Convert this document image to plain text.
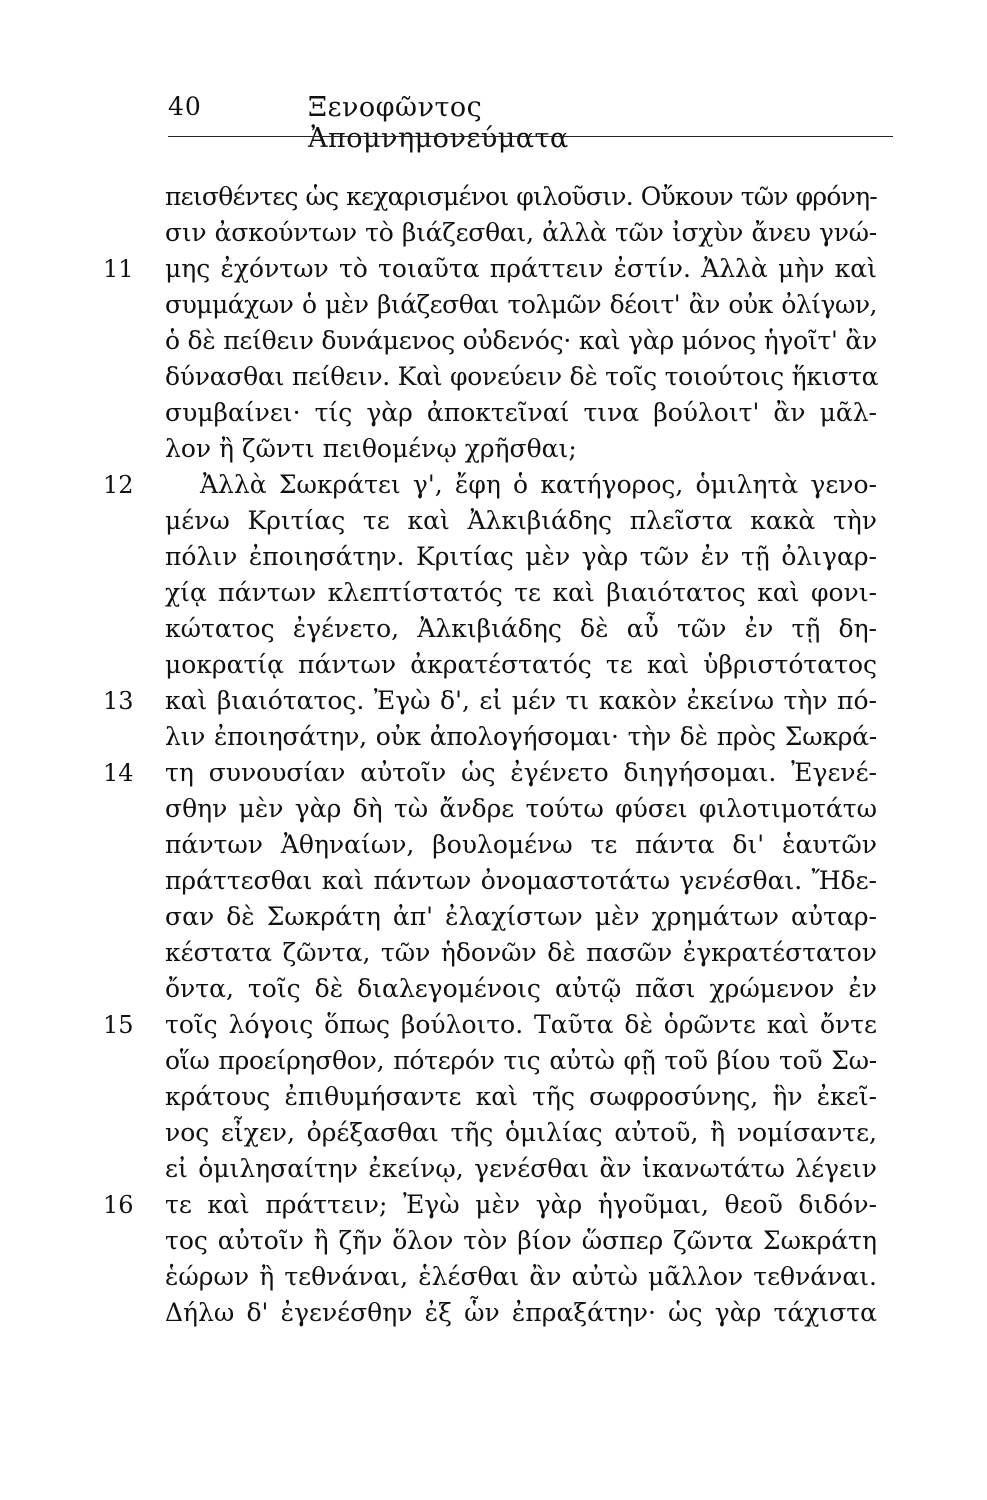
40	Ξενοφῶντος Ἀπομνημονεύματα
πεισθέντες ὡς κεχαρισμένοι φιλοῦσιν. Οὔκουν τῶν φρόνη-
σιν ἀσκούντων τὸ βιάζεσθαι, ἀλλὰ τῶν ἰσχὺν ἄνευ γνώ-
μης ἐχόντων τὸ τοιαῦτα πράττειν ἐστίν. Ἀλλὰ μὴν καὶ
συμμάχων ὁ μὲν βιάζεσθαι τολμῶν δέοιτ' ἂν οὐκ ὀλίγων,
ὁ δὲ πείθειν δυνάμενος οὐδενός· καὶ γὰρ μόνος ἡγοῖτ' ἂν
δύνασθαι πείθειν. Καὶ φονεύειν δὲ τοῖς τοιούτοις ἥκιστα
συμβαίνει· τίς γὰρ ἀποκτεῖναί τινα βούλοιτ' ἂν μᾶλ-
λον ἢ ζῶντι πειθομένῳ χρῆσθαι;
Ἀλλὰ Σωκράτει γ', ἔφη ὁ κατήγορος, ὁμιλητὰ γενο-
μένω Κριτίας τε καὶ Ἀλκιβιάδης πλεῖστα κακὰ τὴν
πόλιν ἐποιησάτην. Κριτίας μὲν γὰρ τῶν ἐν τῇ ὀλιγαρ-
χίᾳ πάντων κλεπτίστατός τε καὶ βιαιότατος καὶ φονι-
κώτατος ἐγένετο, Ἀλκιβιάδης δὲ αὖ τῶν ἐν τῇ δη-
μοκρατίᾳ πάντων ἀκρατέστατός τε καὶ ὑβριστότατος
καὶ βιαιότατος. Ἐγὼ δ', εἰ μέν τι κακὸν ἐκείνω τὴν πό-
λιν ἐποιησάτην, οὐκ ἀπολογήσομαι· τὴν δὲ πρὸς Σωκρά-
τη συνουσίαν αὐτοῖν ὡς ἐγένετο διηγήσομαι. Ἐγενέ-
σθην μὲν γὰρ δὴ τὼ ἄνδρε τούτω φύσει φιλοτιμοτάτω
πάντων Ἀθηναίων, βουλομένω τε πάντα δι' ἑαυτῶν
πράττεσθαι καὶ πάντων ὀνομαστοτάτω γενέσθαι. Ἤδε-
σαν δὲ Σωκράτη ἀπ' ἐλαχίστων μὲν χρημάτων αὐταρ-
κέστατα ζῶντα, τῶν ἡδονῶν δὲ πασῶν ἐγκρατέστατον
ὄντα, τοῖς δὲ διαλεγομένοις αὐτῷ πᾶσι χρώμενον ἐν
τοῖς λόγοις ὅπως βούλοιτο. Ταῦτα δὲ ὁρῶντε καὶ ὄντε
οἵω προείρησθον, πότερόν τις αὐτὼ φῇ τοῦ βίου τοῦ Σω-
κράτους ἐπιθυμήσαντε καὶ τῆς σωφροσύνης, ἣν ἐκεῖ-
νος εἶχεν, ὀρέξασθαι τῆς ὁμιλίας αὐτοῦ, ἢ νομίσαντε,
εἰ ὁμιλησαίτην ἐκείνῳ, γενέσθαι ἂν ἱκανωτάτω λέγειν
τε καὶ πράττειν; Ἐγὼ μὲν γὰρ ἡγοῦμαι, θεοῦ διδόν-
τος αὐτοῖν ἢ ζῆν ὅλον τὸν βίον ὥσπερ ζῶντα Σωκράτη
ἑώρων ἢ τεθνάναι, ἑλέσθαι ἂν αὐτὼ μᾶλλον τεθνάναι.
Δήλω δ' ἐγενέσθην ἐξ ὧν ἐπραξάτην· ὡς γὰρ τάχιστα
11
12
13
14
15
16
